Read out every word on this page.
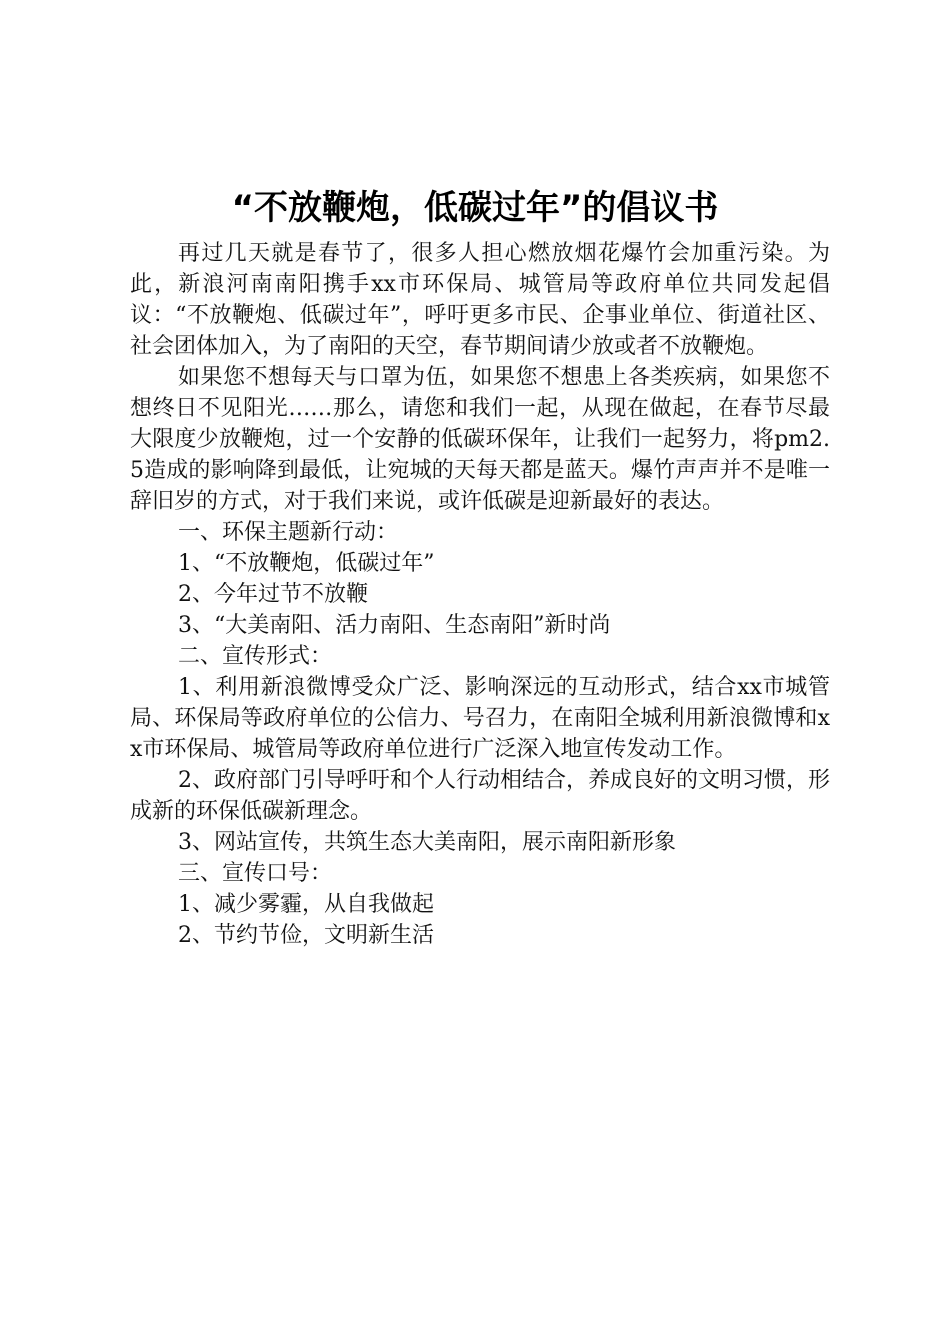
“不放鞭炮，低碳过年”的倡议书

再过几天就是春节了，很多人担心燃放烟花爆竹会加重污染。为此，新浪河南南阳携手xx市环保局、城管局等政府单位共同发起倡议：“不放鞭炮、低碳过年”，呼吁更多市民、企事业单位、街道社区、社会团体加入，为了南阳的天空，春节期间请少放或者不放鞭炮。

如果您不想每天与口罩为伍，如果您不想患上各类疾病，如果您不想终日不见阳光……那么，请您和我们一起，从现在做起，在春节尽最大限度少放鞭炮，过一个安静的低碳环保年，让我们一起努力，将pm2.5造成的影响降到最低，让宛城的天每天都是蓝天。爆竹声声并不是唯一辞旧岁的方式，对于我们来说，或许低碳是迎新最好的表达。

一、环保主题新行动：

1、“不放鞭炮，低碳过年”

2、今年过节不放鞭

3、“大美南阳、活力南阳、生态南阳”新时尚

二、宣传形式：

1、利用新浪微博受众广泛、影响深远的互动形式，结合xx市城管局、环保局等政府单位的公信力、号召力，在南阳全城利用新浪微博和xx市环保局、城管局等政府单位进行广泛深入地宣传发动工作。

2、政府部门引导呼吁和个人行动相结合，养成良好的文明习惯，形成新的环保低碳新理念。

3、网站宣传，共筑生态大美南阳，展示南阳新形象

三、宣传口号：

1、减少雾霾，从自我做起

2、节约节俭，文明新生活
